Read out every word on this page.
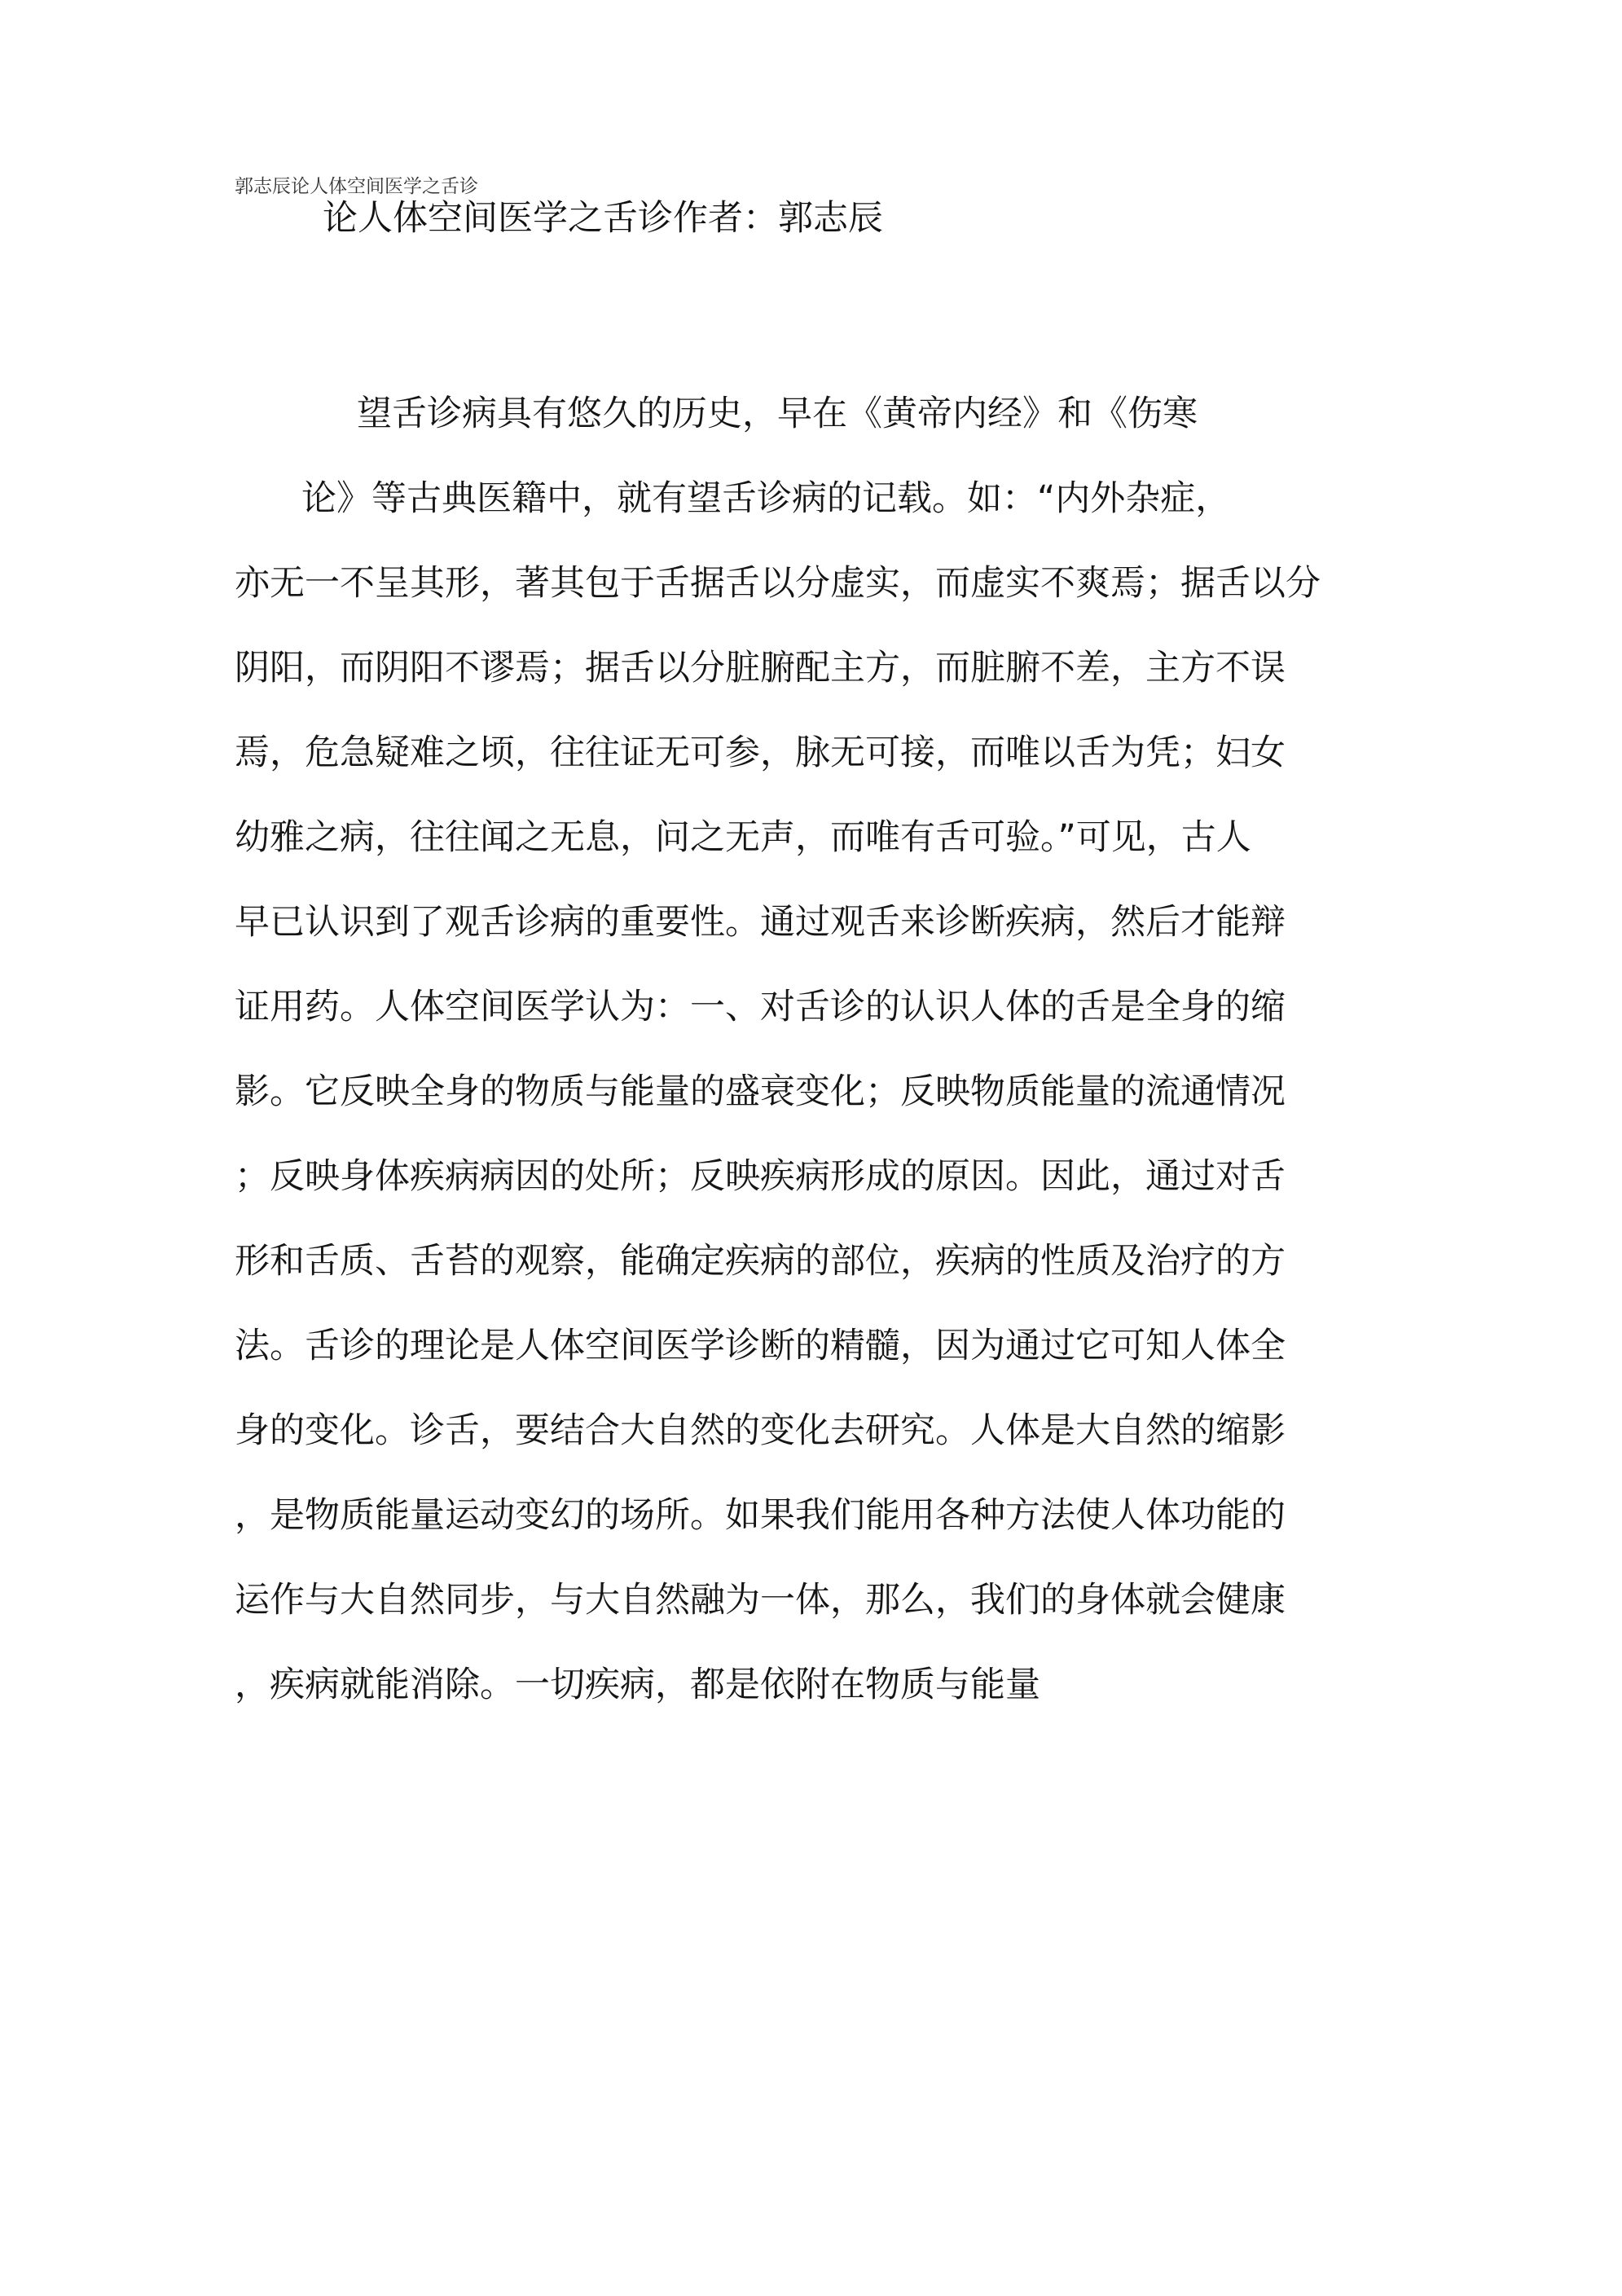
郭志辰论人体空间医学之舌诊
论人体空间医学之舌诊作者：郭志辰
望舌诊病具有悠久的历史，早在《黄帝内经》和《伤寒
论》等古典医籍中，就有望舌诊病的记载。如：“内外杂症，
亦无一不呈其形，著其包于舌据舌以分虚实，而虚实不爽焉；据舌以分
阴阳，而阴阳不谬焉；据舌以分脏腑配主方，而脏腑不差，主方不误
焉，危急疑难之顷，往往证无可参，脉无可接，而唯以舌为凭；妇女
幼雅之病，往往闻之无息，问之无声，而唯有舌可验。”可见，古人
早已认识到了观舌诊病的重要性。通过观舌来诊断疾病，然后才能辩
证用药。人体空间医学认为：一、对舌诊的认识人体的舌是全身的缩
影。它反映全身的物质与能量的盛衰变化；反映物质能量的流通情况
；反映身体疾病病因的处所；反映疾病形成的原因。因此，通过对舌
形和舌质、舌苔的观察，能确定疾病的部位，疾病的性质及治疗的方
法。舌诊的理论是人体空间医学诊断的精髓，因为通过它可知人体全
身的变化。诊舌，要结合大自然的变化去研究。人体是大自然的缩影
，是物质能量运动变幻的场所。如果我们能用各种方法使人体功能的
运作与大自然同步，与大自然融为一体，那么，我们的身体就会健康
，疾病就能消除。一切疾病，都是依附在物质与能量
